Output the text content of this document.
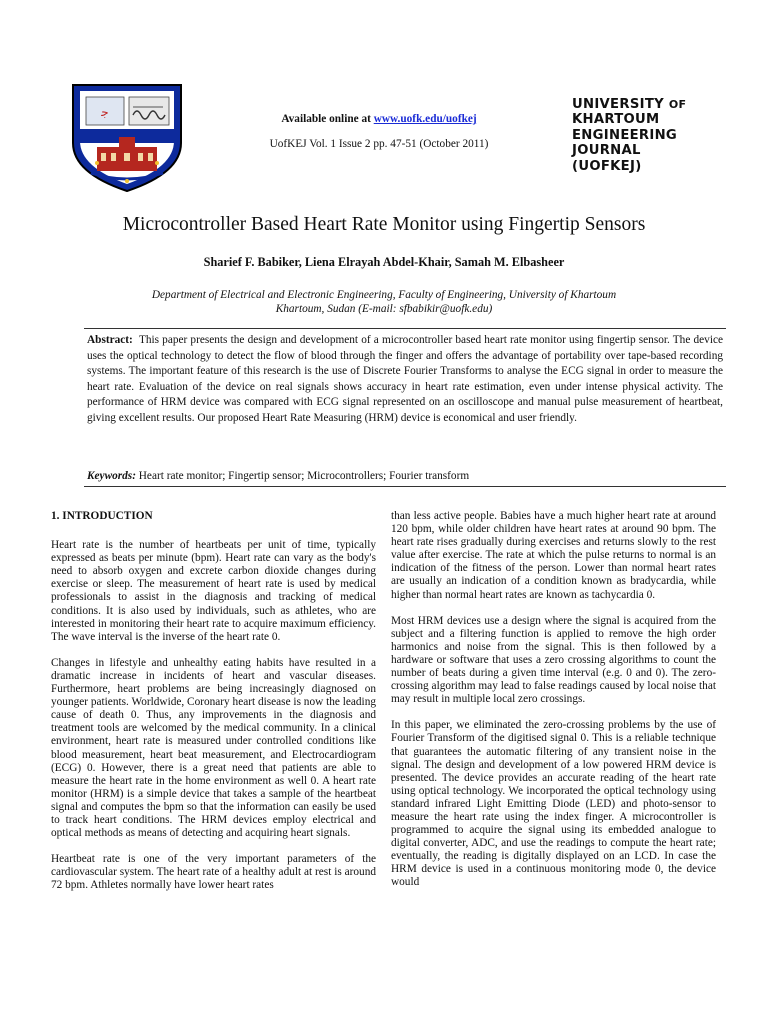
ﺟ	Available online at www.uofk.edu/uofkej
UofKEJ Vol. 1 Issue 2 pp. 47-51 (October 2011)
UNIVERSITY OF
KHARTOUM
ENGINEERING
JOURNAL
(UOFKEJ)
Microcontroller Based Heart Rate Monitor using Fingertip Sensors
Sharief F. Babiker, Liena Elrayah Abdel-Khair, Samah M. Elbasheer
Department of Electrical and Electronic Engineering, Faculty of Engineering, University of Khartoum
Khartoum, Sudan (E-mail: sfbabikir@uofk.edu)
Abstract: This paper presents the design and development of a microcontroller based heart rate monitor using fingertip sensor. The device uses the optical technology to detect the flow of blood through the finger and offers the advantage of portability over tape-based recording systems. The important feature of this research is the use of Discrete Fourier Transforms to analyse the ECG signal in order to measure the heart rate. Evaluation of the device on real signals shows accuracy in heart rate estimation, even under intense physical activity. The performance of HRM device was compared with ECG signal represented on an oscilloscope and manual pulse measurement of heartbeat, giving excellent results. Our proposed Heart Rate Measuring (HRM) device is economical and user friendly.
Keywords: Heart rate monitor; Fingertip sensor; Microcontrollers; Fourier transform
1. INTRODUCTION

Heart rate is the number of heartbeats per unit of time, typically expressed as beats per minute (bpm). Heart rate can vary as the body's need to absorb oxygen and excrete carbon dioxide changes during exercise or sleep. The measurement of heart rate is used by medical professionals to assist in the diagnosis and tracking of medical conditions. It is also used by individuals, such as athletes, who are interested in monitoring their heart rate to acquire maximum efficiency. The wave interval is the inverse of the heart rate 0.

Changes in lifestyle and unhealthy eating habits have resulted in a dramatic increase in incidents of heart and vascular diseases. Furthermore, heart problems are being increasingly diagnosed on younger patients. Worldwide, Coronary heart disease is now the leading cause of death 0. Thus, any improvements in the diagnosis and treatment tools are welcomed by the medical community. In a clinical environment, heart rate is measured under controlled conditions like blood measurement, heart beat measurement, and Electrocardiogram (ECG) 0. However, there is a great need that patients are able to measure the heart rate in the home environment as well 0. A heart rate monitor (HRM) is a simple device that takes a sample of the heartbeat signal and computes the bpm so that the information can easily be used to track heart conditions. The HRM devices employ electrical and optical methods as means of detecting and acquiring heart signals.

Heartbeat rate is one of the very important parameters of the cardiovascular system. The heart rate of a healthy adult at rest is around 72 bpm. Athletes normally have lower heart rates

than less active people. Babies have a much higher heart rate at around 120 bpm, while older children have heart rates at around 90 bpm. The heart rate rises gradually during exercises and returns slowly to the rest value after exercise. The rate at which the pulse returns to normal is an indication of the fitness of the person. Lower than normal heart rates are usually an indication of a condition known as bradycardia, while higher than normal heart rates are known as tachycardia 0.

Most HRM devices use a design where the signal is acquired from the subject and a filtering function is applied to remove the high order harmonics and noise from the signal. This is then followed by a hardware or software that uses a zero crossing algorithms to count the number of beats during a given time interval (e.g. 0 and 0). The zero-crossing algorithm may lead to false readings caused by local noise that may result in multiple local zero crossings.

In this paper, we eliminated the zero-crossing problems by the use of Fourier Transform of the digitised signal 0. This is a reliable technique that guarantees the automatic filtering of any transient noise in the signal. The design and development of a low powered HRM device is presented. The device provides an accurate reading of the heart rate using optical technology. We incorporated the optical technology using standard infrared Light Emitting Diode (LED) and photo-sensor to measure the heart rate using the index finger. A microcontroller is programmed to acquire the signal using its embedded analogue to digital converter, ADC, and use the readings to compute the heart rate; eventually, the reading is digitally displayed on an LCD. In case the HRM device is used in a continuous monitoring mode 0, the device would
